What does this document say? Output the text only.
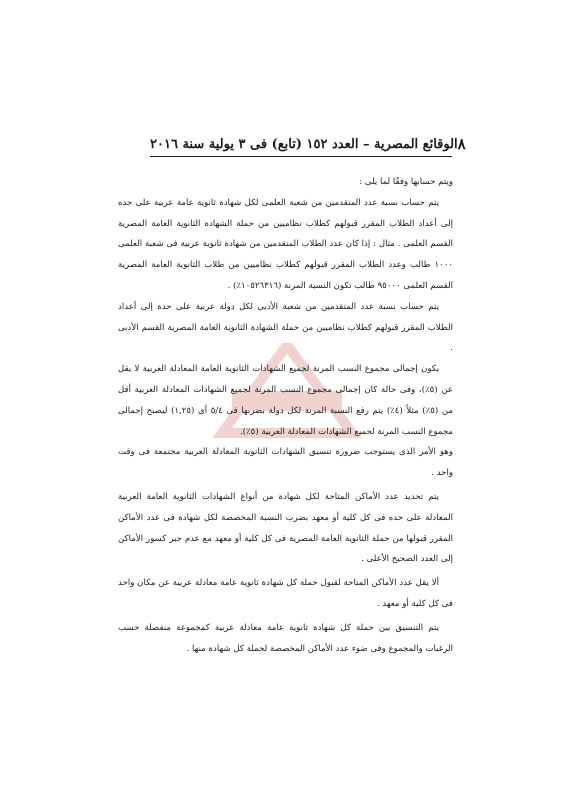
الوقائع المصرية – العدد ١٥٢ (تابع) فى ٣ يولية سنة ٢٠١٦ ٨

ويتم حسابها وفقًا لما يلى :

يتم حساب نسبة عدد المتقدمين من شعبة العلمى لكل شهادة ثانوية عامة عربية على حده إلى أعداد الطلاب المقرر قبولهم كطلاب نظاميين من حملة الشهادة الثانوية العامة المصرية القسم العلمى . مثال : إذا كان عدد الطلاب المتقدمين من شهادة ثانوية عربية فى شعبة العلمى ١٠٠٠ طالب وعدد الطلاب المقرر قبولهم كطلاب نظاميين من طلاب الثانوية العامة المصرية القسم العلمى ٩٥٠٠٠ طالب تكون النسبة المرنة (١٠٥٢٦٣١٦٪) .

يتم حساب نسبة عدد المتقدمين من شعبة الأدبى لكل دولة عربية على حدة إلى أعداد الطلاب المقرر قبولهم كطلاب نظاميين من حملة الشهادة الثانوية العامة المصرية القسم الأدبى .

يكون إجمالى مجموع النسب المرنة لجميع الشهادات الثانوية العامة المعادلة العربية لا يقل عن (٥٪)، وفى حالة كان إجمالى مجموع النسب المرنة لجميع الشهادات المعادلة العربية أقل من (٥٪) مثلاً (٤٪) يتم رفع النسبة المرنة لكل دولة بضربها فى ٥/٤ أى (١,٢٥) ليصبح إجمالى مجموع النسب المرنة لجميع الشهادات المعادلة العربية (٥٪).

وهو الأمر الذى يستوجب ضرورة تنسيق الشهادات الثانوية المعادلة العربية مجتمعة فى وقت واحد .

يتم تحديد عدد الأماكن المتاحة لكل شهادة من أنواع الشهادات الثانوية العامة العربية المعادلة على حده فى كل كلية أو معهد بضرب النسبة المخصصة لكل شهادة فى عدد الأماكن المقرر قبولها من حملة الثانوية العامة المصرية فى كل كلية أو معهد مع عدم جبر كسور الأماكن إلى العدد الصحيح الأعلى .

ألا يقل عدد الأماكن المتاحة لقبول حملة كل شهادة ثانوية عامة معادلة عربية عن مكان واحد فى كل كلية أو معهد .

يتم التنسيق بين حملة كل شهادة ثانوية عامة معادلة عربية كمجموعة منفصلة حسب الرغبات والمجموع وفى ضوء عدد الأماكن المخصصة لحملة كل شهادة منها .
